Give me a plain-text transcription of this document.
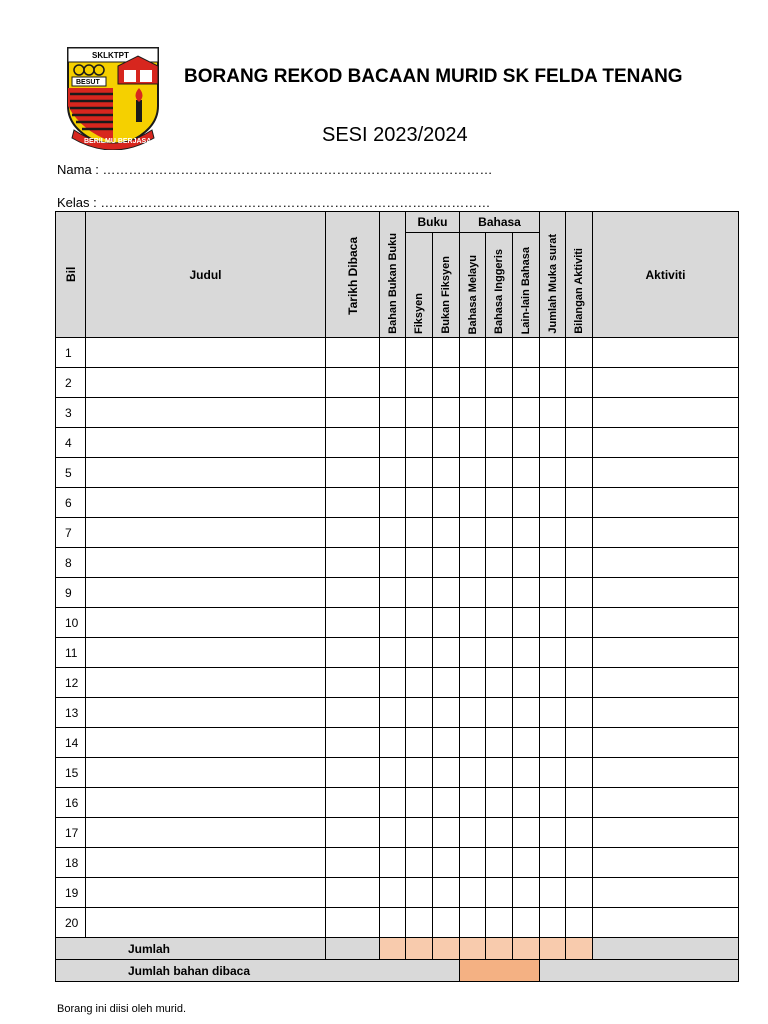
SKLKTPT
BESUT
BERILMU BERJASA
BORANG REKOD BACAAN MURID SK FELDA TENANG
SESI 2023/2024
Nama : ………………………………………………………………………………
Kelas : ………………………………………………………………………………
Bil	Judul	Tarikh Dibaca	Bahan Bukan Buku	Buku		Bahasa			Jumlah Muka surat	Bilangan Aktiviti	Aktiviti

				Fiksyen	Bukan Fiksyen	Bahasa Melayu	Bahasa Inggeris	Lain-lain Bahasa			

1											
2											
3											
4											
5											
6											
7											
8											
9											
10											
11											
12											
13											
14											
15											
16											
17											
18											
19											
20											
Jumlah											
Jumlah bahan dibaca											
Borang ini diisi oleh murid.
